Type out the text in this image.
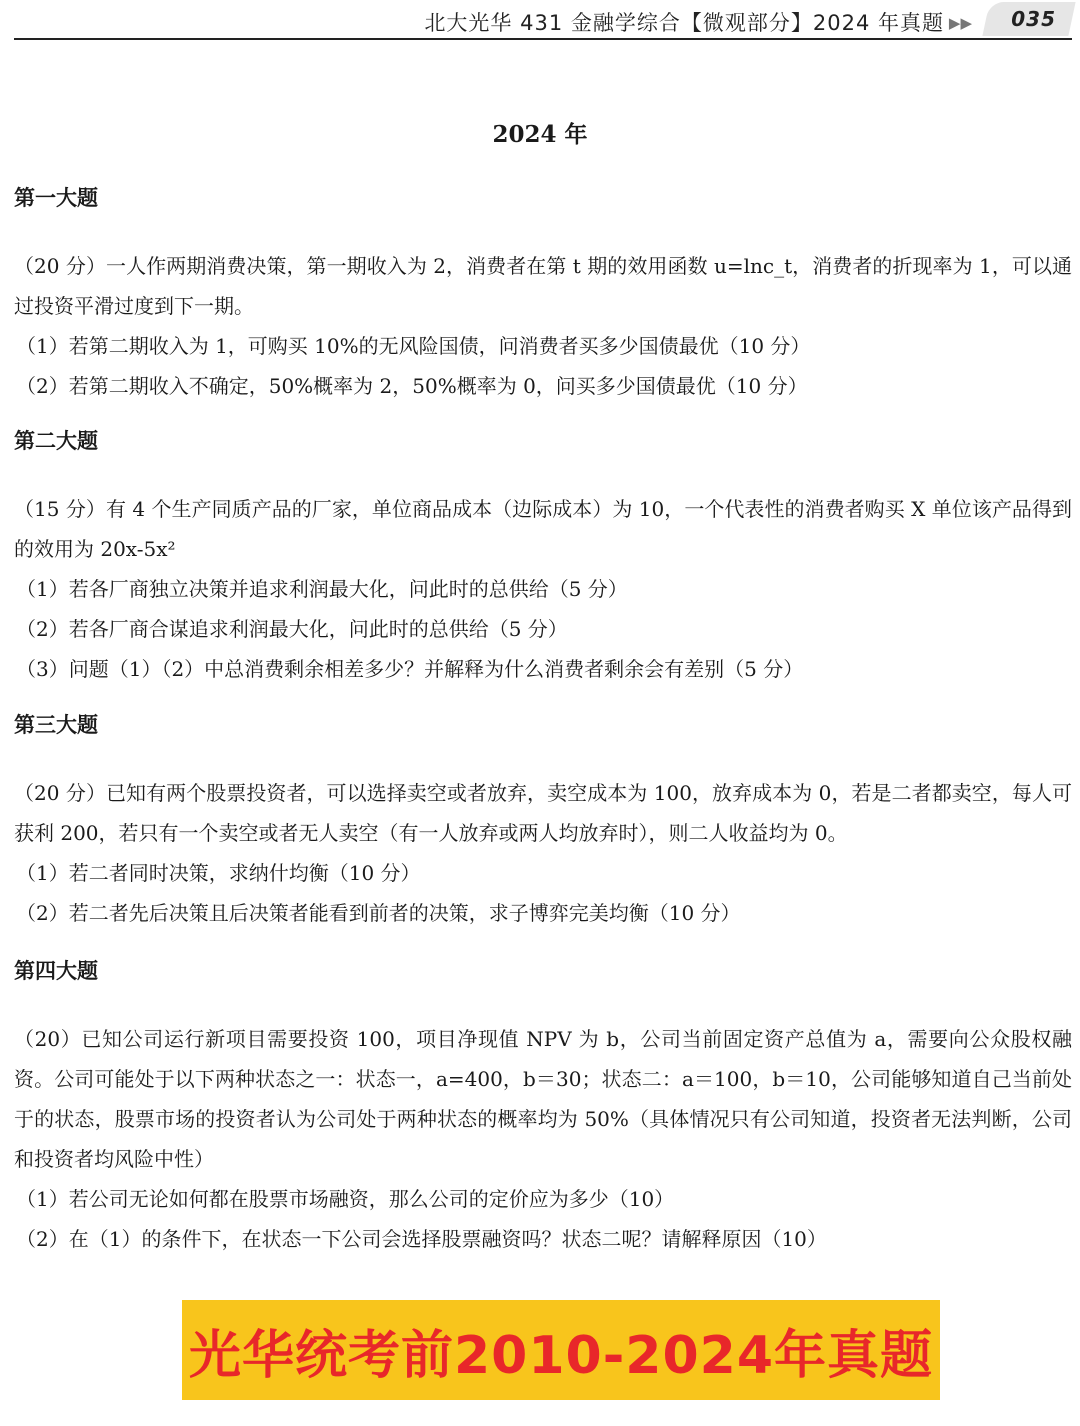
北大光华 431 金融学综合【微观部分】2024 年真题 ▶▶ 035
2024 年

第一大题

（20 分）一人作两期消费决策，第一期收入为 2，消费者在第 t 期的效用函数 u=lnc_t，消费者的折现率为 1，可以通过投资平滑过度到下一期。

（1）若第二期收入为 1，可购买 10%的无风险国债，问消费者买多少国债最优（10 分）

（2）若第二期收入不确定，50%概率为 2，50%概率为 0，问买多少国债最优（10 分）

第二大题

（15 分）有 4 个生产同质产品的厂家，单位商品成本（边际成本）为 10，一个代表性的消费者购买 X 单位该产品得到的效用为 20x-5x²

（1）若各厂商独立决策并追求利润最大化，问此时的总供给（5 分）

（2）若各厂商合谋追求利润最大化，问此时的总供给（5 分）

（3）问题（1）（2）中总消费剩余相差多少？并解释为什么消费者剩余会有差别（5 分）

第三大题

（20 分）已知有两个股票投资者，可以选择卖空或者放弃，卖空成本为 100，放弃成本为 0，若是二者都卖空，每人可获利 200，若只有一个卖空或者无人卖空（有一人放弃或两人均放弃时），则二人收益均为 0。

（1）若二者同时决策，求纳什均衡（10 分）

（2）若二者先后决策且后决策者能看到前者的决策，求子博弈完美均衡（10 分）

第四大题

（20）已知公司运行新项目需要投资 100，项目净现值 NPV 为 b，公司当前固定资产总值为 a，需要向公众股权融资。公司可能处于以下两种状态之一：状态一，a=400，b＝30；状态二：a＝100，b＝10，公司能够知道自己当前处于的状态，股票市场的投资者认为公司处于两种状态的概率均为 50%（具体情况只有公司知道，投资者无法判断，公司和投资者均风险中性）

（1）若公司无论如何都在股票市场融资，那么公司的定价应为多少（10）

（2）在（1）的条件下，在状态一下公司会选择股票融资吗？状态二呢？请解释原因（10）

光华统考前2010-2024年真题
